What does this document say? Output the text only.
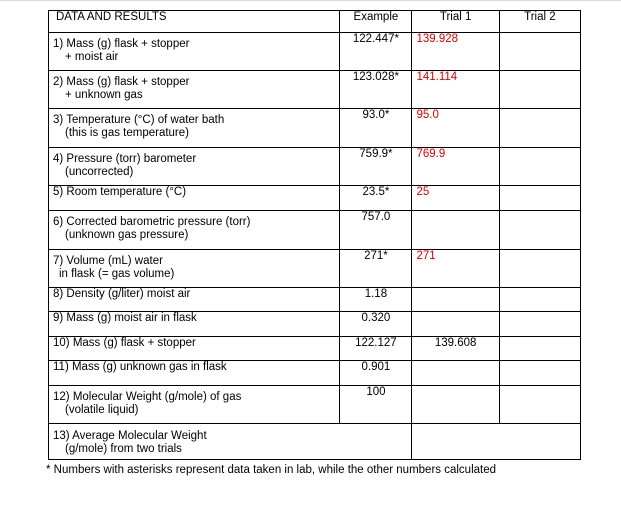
DATA AND RESULTS	Example	Trial 1	Trial 2

1) Mass (g) flask + stopper
+ moist air	122.447*	139.928	

2) Mass (g) flask + stopper
+ unknown gas	123.028*	141.114	

3) Temperature (°C) of water bath
(this is gas temperature)	93.0*	95.0	

4) Pressure (torr) barometer
(uncorrected)	759.9*	769.9	

5) Room temperature (°C)	23.5*	25	

6) Corrected barometric pressure (torr)
(unknown gas pressure)	757.0		

7) Volume (mL) water
in flask (= gas volume)	271*	271	

8) Density (g/liter) moist air	1.18		

9) Mass (g) moist air in flask	0.320		

10) Mass (g) flask + stopper	122.127	139.608	

11) Mass (g) unknown gas in flask	0.901		

12) Molecular Weight (g/mole) of gas
(volatile liquid)	100		

13) Average Molecular Weight
(g/mole) from two trials			

* Numbers with asterisks represent data taken in lab, while the other numbers calculated
